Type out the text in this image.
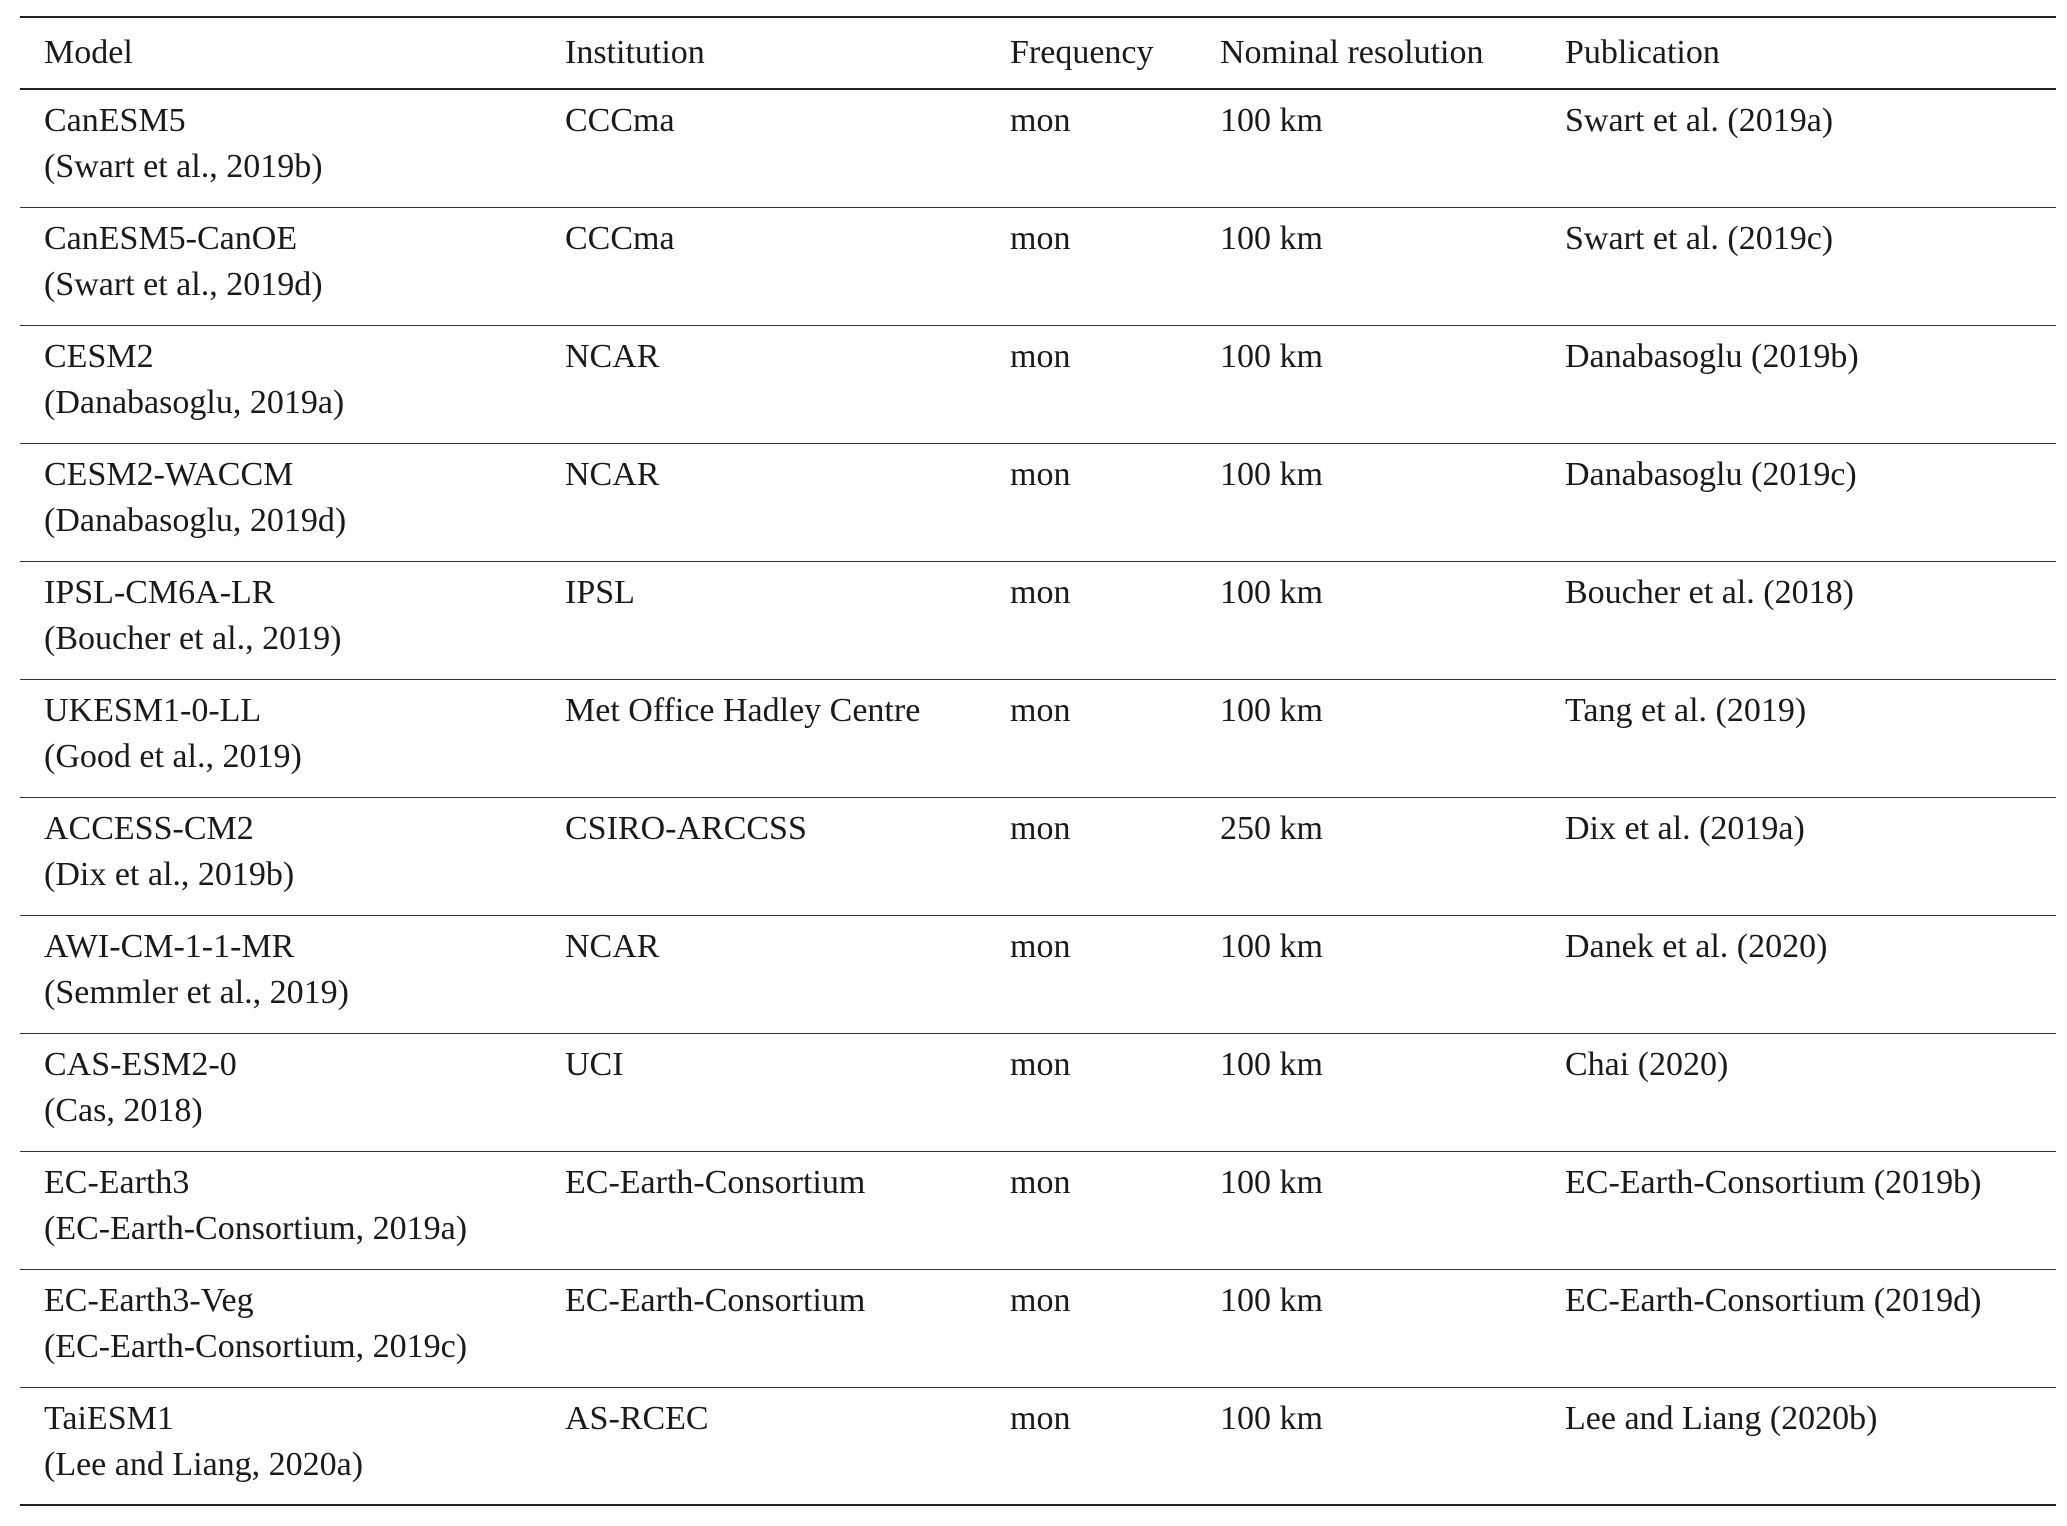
Model	Institution	Frequency	Nominal resolution	Publication

CanESM5
(Swart et al., 2019b)	CCCma	mon	100 km	Swart et al. (2019a)

CanESM5-CanOE
(Swart et al., 2019d)	CCCma	mon	100 km	Swart et al. (2019c)

CESM2
(Danabasoglu, 2019a)	NCAR	mon	100 km	Danabasoglu (2019b)

CESM2-WACCM
(Danabasoglu, 2019d)	NCAR	mon	100 km	Danabasoglu (2019c)

IPSL-CM6A-LR
(Boucher et al., 2019)	IPSL	mon	100 km	Boucher et al. (2018)

UKESM1-0-LL
(Good et al., 2019)	Met Office Hadley Centre	mon	100 km	Tang et al. (2019)

ACCESS-CM2
(Dix et al., 2019b)	CSIRO-ARCCSS	mon	250 km	Dix et al. (2019a)

AWI-CM-1-1-MR
(Semmler et al., 2019)	NCAR	mon	100 km	Danek et al. (2020)

CAS-ESM2-0
(Cas, 2018)	UCI	mon	100 km	Chai (2020)

EC-Earth3
(EC-Earth-Consortium, 2019a)	EC-Earth-Consortium	mon	100 km	EC-Earth-Consortium (2019b)

EC-Earth3-Veg
(EC-Earth-Consortium, 2019c)	EC-Earth-Consortium	mon	100 km	EC-Earth-Consortium (2019d)

TaiESM1
(Lee and Liang, 2020a)	AS-RCEC	mon	100 km	Lee and Liang (2020b)
